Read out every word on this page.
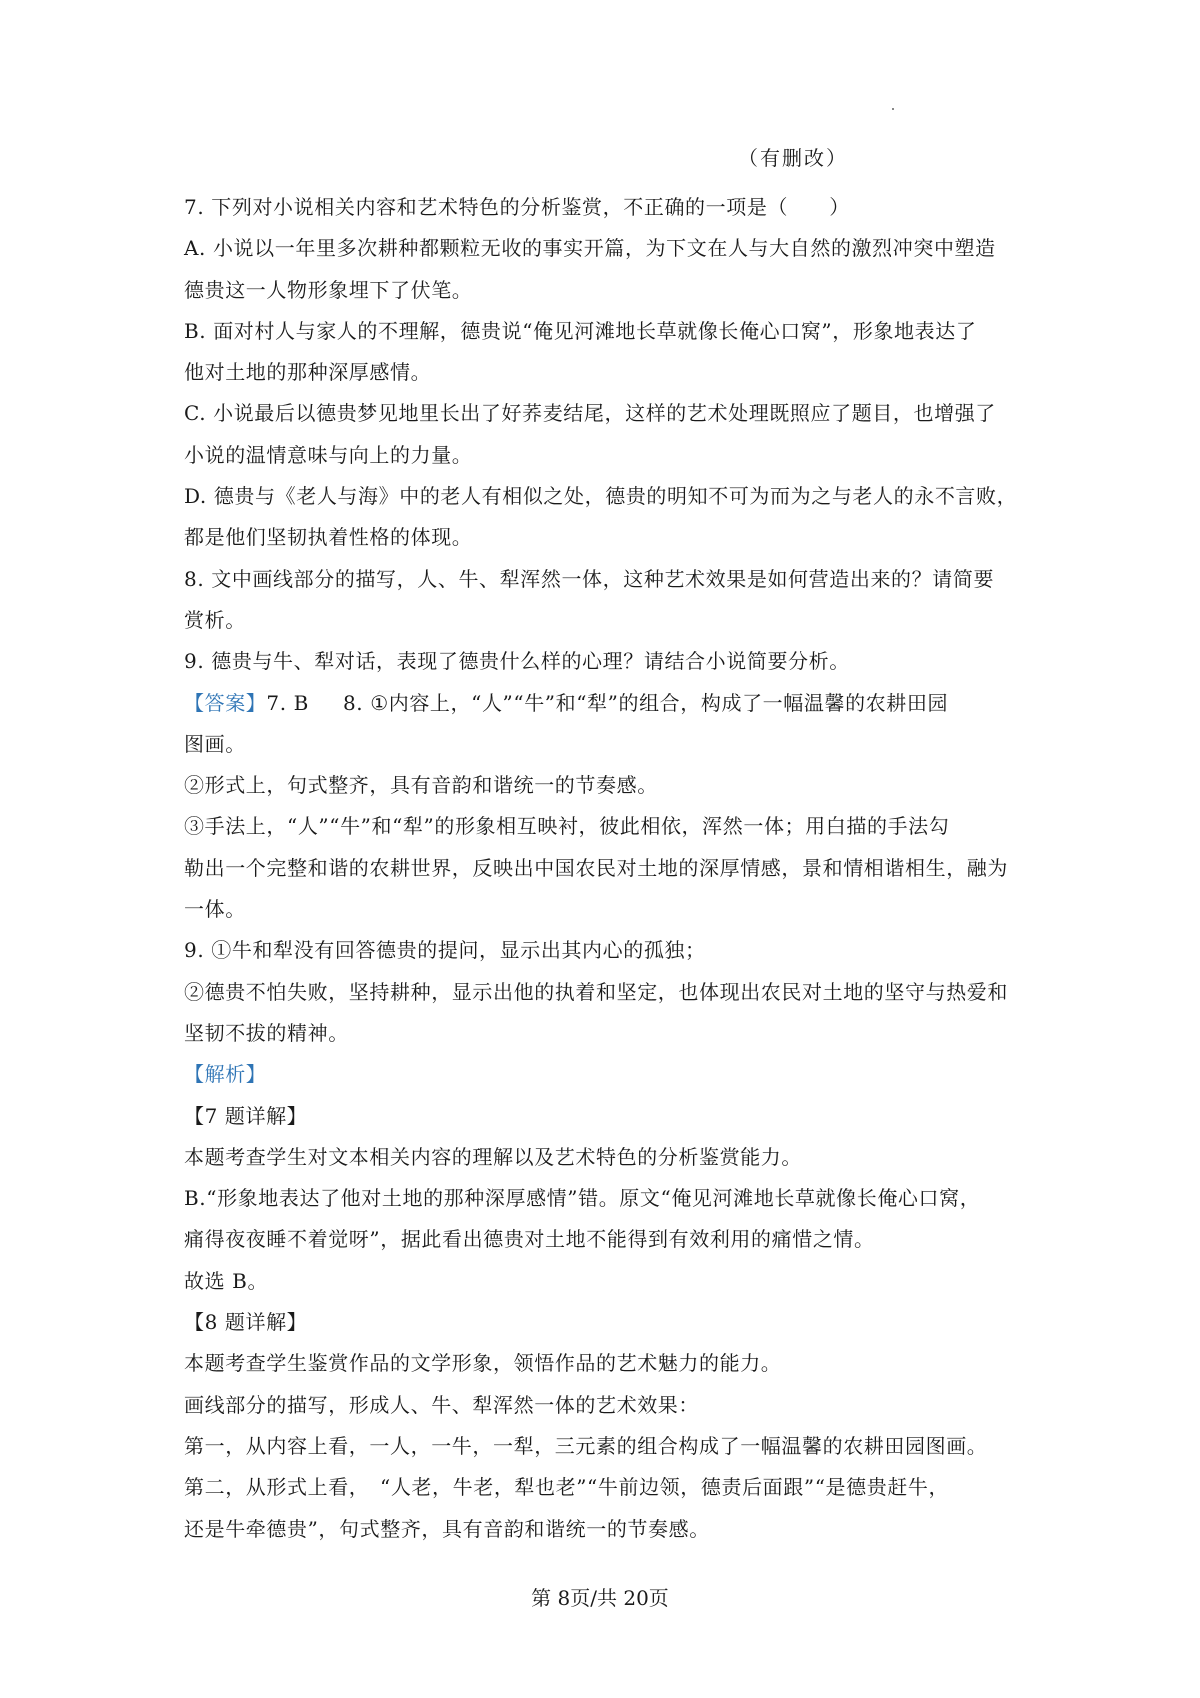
（有删改）
7. 下列对小说相关内容和艺术特色的分析鉴赏，不正确的一项是（　　）
A. 小说以一年里多次耕种都颗粒无收的事实开篇，为下文在人与大自然的激烈冲突中塑造
德贵这一人物形象埋下了伏笔。
B. 面对村人与家人的不理解，德贵说“俺见河滩地长草就像长俺心口窝”，形象地表达了
他对土地的那种深厚感情。
C. 小说最后以德贵梦见地里长出了好荞麦结尾，这样的艺术处理既照应了题目，也增强了
小说的温情意味与向上的力量。
D. 德贵与《老人与海》中的老人有相似之处，德贵的明知不可为而为之与老人的永不言败，
都是他们坚韧执着性格的体现。
8. 文中画线部分的描写，人、牛、犁浑然一体，这种艺术效果是如何营造出来的？请简要
赏析。
9. 德贵与牛、犁对话，表现了德贵什么样的心理？请结合小说简要分析。
【答案】7. B 8. ①内容上，“人”“牛”和“犁”的组合，构成了一幅温馨的农耕田园
图画。
②形式上，句式整齐，具有音韵和谐统一的节奏感。
③手法上，“人”“牛”和“犁”的形象相互映衬，彼此相依，浑然一体；用白描的手法勾
勒出一个完整和谐的农耕世界，反映出中国农民对土地的深厚情感，景和情相谐相生，融为
一体。
9. ①牛和犁没有回答德贵的提问，显示出其内心的孤独；
②德贵不怕失败，坚持耕种，显示出他的执着和坚定，也体现出农民对土地的坚守与热爱和
坚韧不拔的精神。
【解析】
【7 题详解】
本题考查学生对文本相关内容的理解以及艺术特色的分析鉴赏能力。
B.“形象地表达了他对土地的那种深厚感情”错。原文“俺见河滩地长草就像长俺心口窝，
痛得夜夜睡不着觉呀”，据此看出德贵对土地不能得到有效利用的痛惜之情。
故选 B。
【8 题详解】
本题考查学生鉴赏作品的文学形象，领悟作品的艺术魅力的能力。
画线部分的描写，形成人、牛、犁浑然一体的艺术效果：
第一，从内容上看，一人，一牛，一犁，三元素的组合构成了一幅温馨的农耕田园图画。
第二，从形式上看，　“人老，牛老，犁也老”“牛前边领，德责后面跟”“是德贵赶牛，
还是牛牵德贵”，句式整齐，具有音韵和谐统一的节奏感。
第 8页/共 20页
